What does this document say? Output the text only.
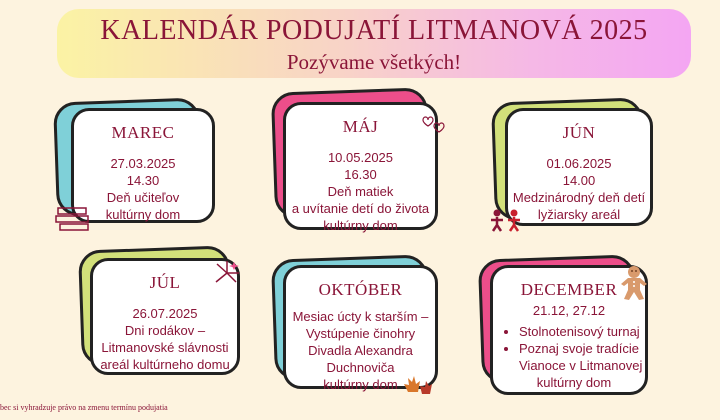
KALENDÁR PODUJATÍ LITMANOVÁ 2025
Pozývame všetkých!
MAREC
27.03.2025
14.30
Deň učiteľov
kultúrny dom
MÁJ
10.05.2025
16.30
Deň matiek
a uvítanie detí do života
kultúrny dom
JÚN
01.06.2025
14.00
Medzinárodný deň detí
lyžiarsky areál
JÚL
26.07.2025
Dni rodákov –
Litmanovské slávnosti
areál kultúrneho domu
OKTÓBER
Mesiac úcty k starším –
Vystúpenie činohry
Divadla Alexandra
Duchnoviča
kultúrny dom
DECEMBER
21.12, 27.12
• Stolnotenisový turnaj
• Poznaj svoje tradície Vianoce v Litmanovej
kultúrny dom
bec si vyhradzuje právo na zmenu termínu podujatia
